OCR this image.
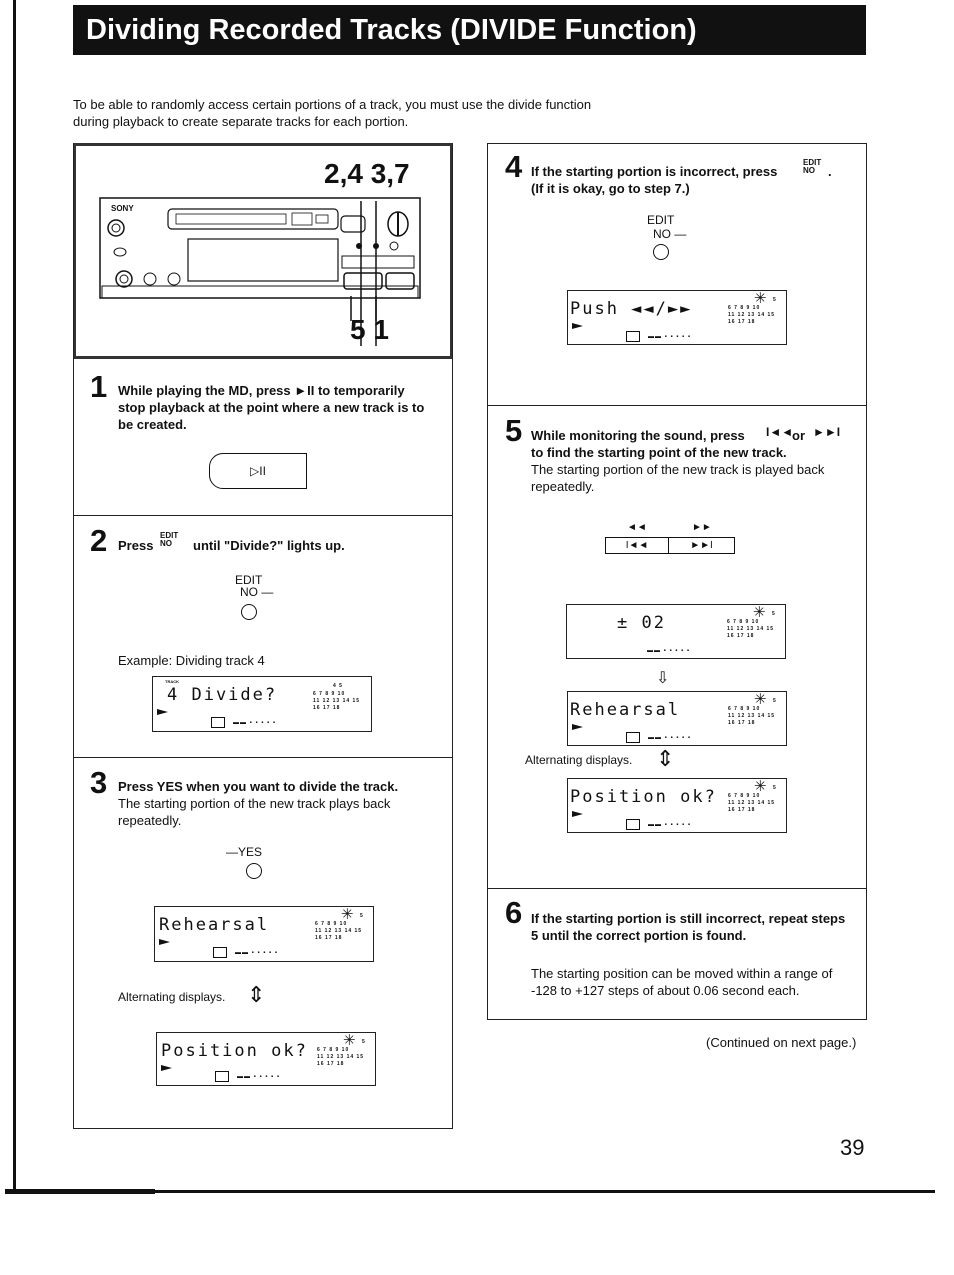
Dividing Recorded Tracks (DIVIDE Function)
To be able to randomly access certain portions of a track, you must use the divide function during playback to create separate tracks for each portion.
2,4 3,7
5 1
SONY
1 While playing the MD, press ►II to temporarily stop playback at the point where a new track is to be created.
▷II
2 Press
EDIT NO	until "Divide?" lights up.
EDIT
NO —
Example: Dividing track 4
TRACK
4 Divide?	4 5
6 7 8 9 10
11 12 13 14 15
16 17 18
▬▬ ▪ ▪ ▪ ▪ ▪
3 Press YES when you want to divide the track.
The starting portion of the new track plays back repeatedly.
—YES
Rehearsal
✳ 5
6 7 8 9 10
11 12 13 14 15
16 17 18
▬▬ ▪ ▪ ▪ ▪ ▪
Alternating displays. ⇕
Position ok?
✳ 5
6 7 8 9 10
11 12 13 14 15
16 17 18
▬▬ ▪ ▪ ▪ ▪ ▪
4 If the starting portion is incorrect, press
EDIT NO	.
(If it is okay, go to step 7.)
EDIT
NO —
Push ◄◄/►►
✳ 5
6 7 8 9 10
11 12 13 14 15
16 17 18
▬▬ ▪ ▪ ▪ ▪ ▪
5 While monitoring the sound, press I◄◄
or ►►I
to find the starting point of the new track.
The starting portion of the new track is played back repeatedly.
◄◄	►►
I◄◄	►►I
± 02
✳ 5
6 7 8 9 10
11 12 13 14 15
16 17 18
▬▬ ▪ ▪ ▪ ▪ ▪
⇩
Rehearsal
✳ 5
6 7 8 9 10
11 12 13 14 15
16 17 18
▬▬ ▪ ▪ ▪ ▪ ▪
Alternating displays. ⇕
Position ok?
✳ 5
6 7 8 9 10
11 12 13 14 15
16 17 18
▬▬ ▪ ▪ ▪ ▪ ▪
6 If the starting portion is still incorrect, repeat steps 5 until the correct portion is found.
The starting position can be moved within a range of -128 to +127 steps of about 0.06 second each.
(Continued on next page.)
39
